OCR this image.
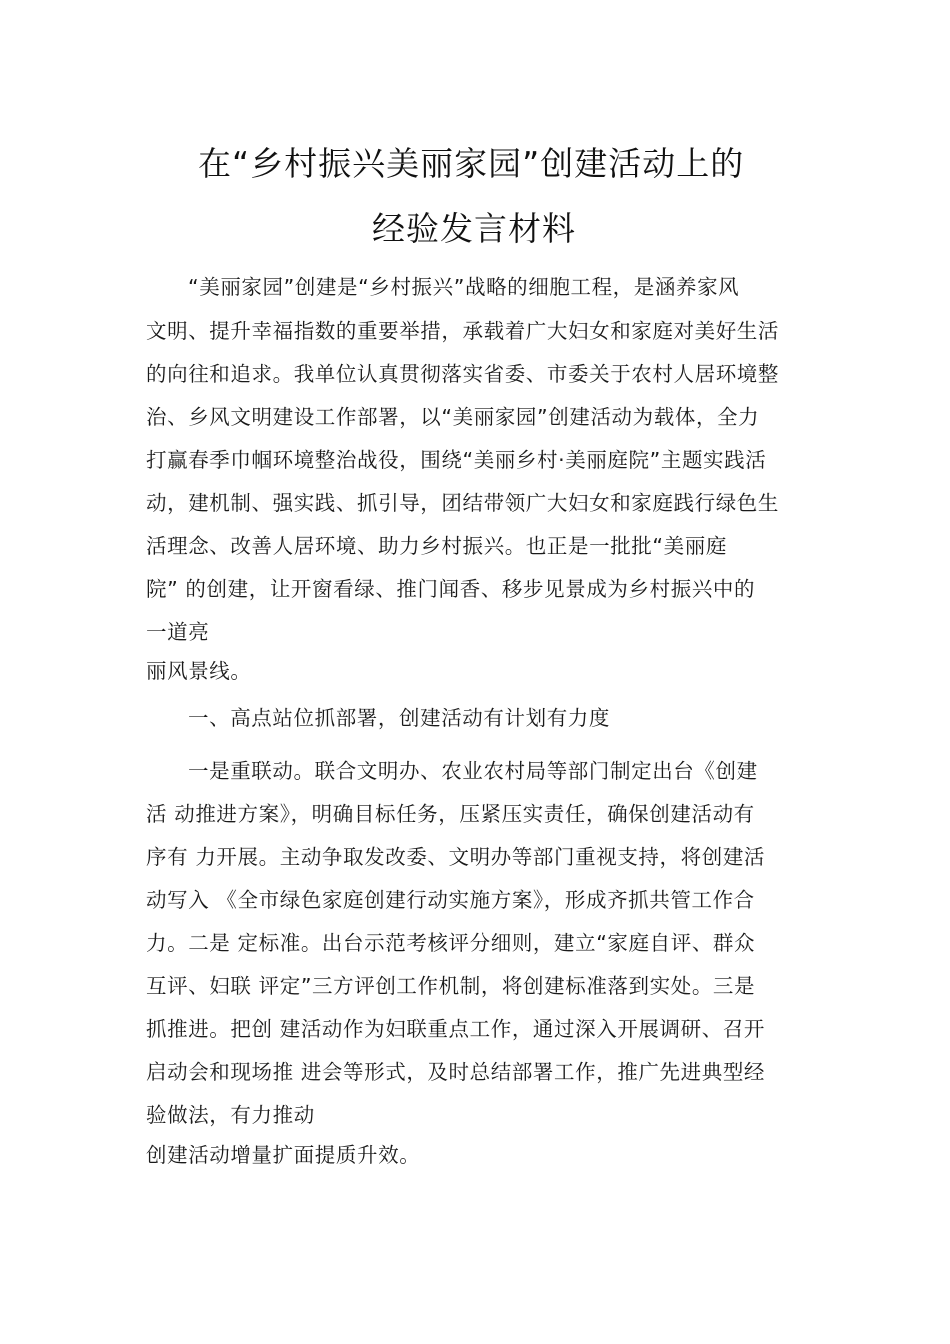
在“乡村振兴美丽家园”创建活动上的
经验发言材料
“美丽家园”创建是“乡村振兴”战略的细胞工程，是涵养家风
文明、提升幸福指数的重要举措，承载着广大妇女和家庭对美好生活
的向往和追求。我单位认真贯彻落实省委、市委关于农村人居环境整
治、乡风文明建设工作部署，以“美丽家园”创建活动为载体，全力
打赢春季巾帼环境整治战役，围绕“美丽乡村·美丽庭院”主题实践活
动，建机制、强实践、抓引导，团结带领广大妇女和家庭践行绿色生
活理念、改善人居环境、助力乡村振兴。也正是一批批“美丽庭
院” 的创建，让开窗看绿、推门闻香、移步见景成为乡村振兴中的
一道亮
丽风景线。
一、高点站位抓部署，创建活动有计划有力度
一是重联动。联合文明办、农业农村局等部门制定出台《创建
活 动推进方案》，明确目标任务，压紧压实责任，确保创建活动有
序有 力开展。主动争取发改委、文明办等部门重视支持，将创建活
动写入 《全市绿色家庭创建行动实施方案》，形成齐抓共管工作合
力。二是 定标准。出台示范考核评分细则，建立“家庭自评、群众
互评、妇联 评定”三方评创工作机制，将创建标准落到实处。三是
抓推进。把创 建活动作为妇联重点工作，通过深入开展调研、召开
启动会和现场推 进会等形式，及时总结部署工作，推广先进典型经
验做法，有力推动
创建活动增量扩面提质升效。
